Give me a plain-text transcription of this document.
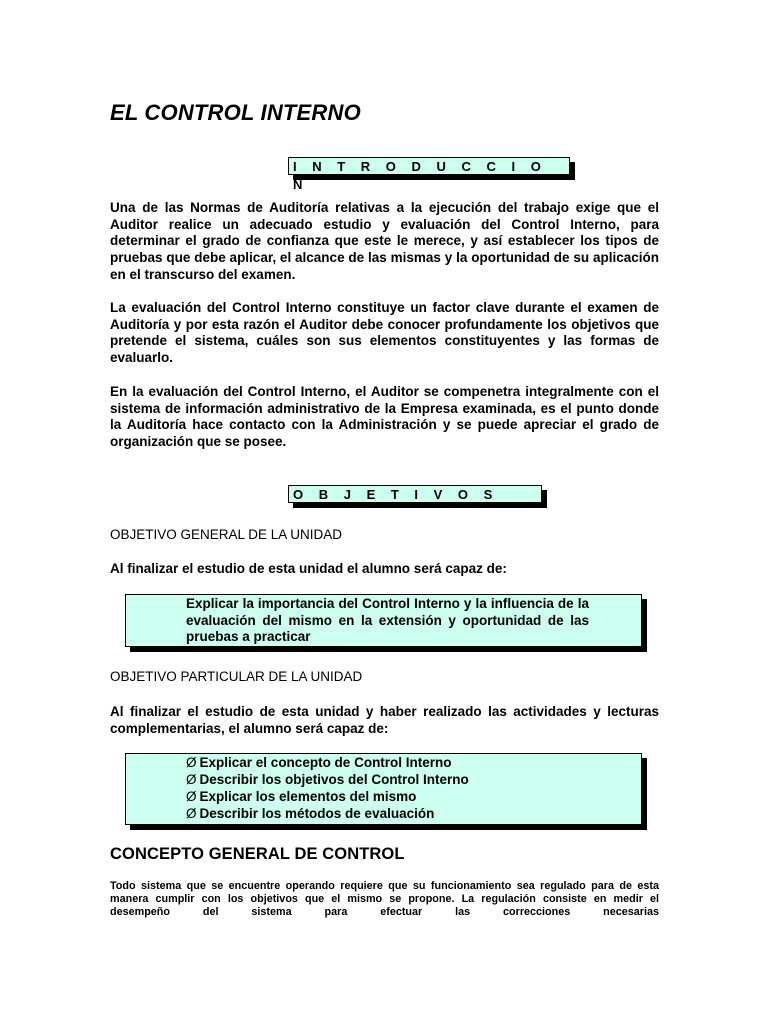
EL CONTROL INTERNO
I N T R O D U C C I O N
Una de las Normas de Auditoría relativas a la ejecución del trabajo exige que el Auditor realice un adecuado estudio y evaluación del Control Interno, para determinar el grado de confianza que este le merece, y así establecer los tipos de pruebas que debe aplicar, el alcance de las mismas y la oportunidad de su aplicación en el transcurso del examen.
La evaluación del Control Interno constituye un factor clave durante el examen de Auditoría y por esta razón el Auditor debe conocer profundamente los objetivos que pretende el sistema, cuáles son sus elementos constituyentes y las formas de evaluarlo.
En la evaluación del Control Interno, el Auditor se compenetra integralmente con el sistema de información administrativo de la Empresa examinada, es el punto donde la Auditoría hace contacto con la Administración y se puede apreciar el grado de organización que se posee.
O B J E T I V O S
OBJETIVO GENERAL DE LA UNIDAD
Al finalizar el estudio de esta unidad el alumno será capaz de:
Explicar la importancia del Control Interno y la influencia de la evaluación del mismo en la extensión y oportunidad de las pruebas a practicar
OBJETIVO PARTICULAR DE LA UNIDAD
Al finalizar el estudio de esta unidad y haber realizado las actividades y lecturas complementarias, el alumno será capaz de:
Ø Explicar el concepto de Control Interno
Ø Describir los objetivos del Control Interno
Ø Explicar los elementos del mismo
Ø Describir los métodos de evaluación
CONCEPTO GENERAL DE CONTROL
Todo sistema que se encuentre operando requiere que su funcionamiento sea regulado para de esta manera cumplir con los objetivos que el mismo se propone. La regulación consiste en medir el desempeño del sistema para efectuar las correcciones necesarias
